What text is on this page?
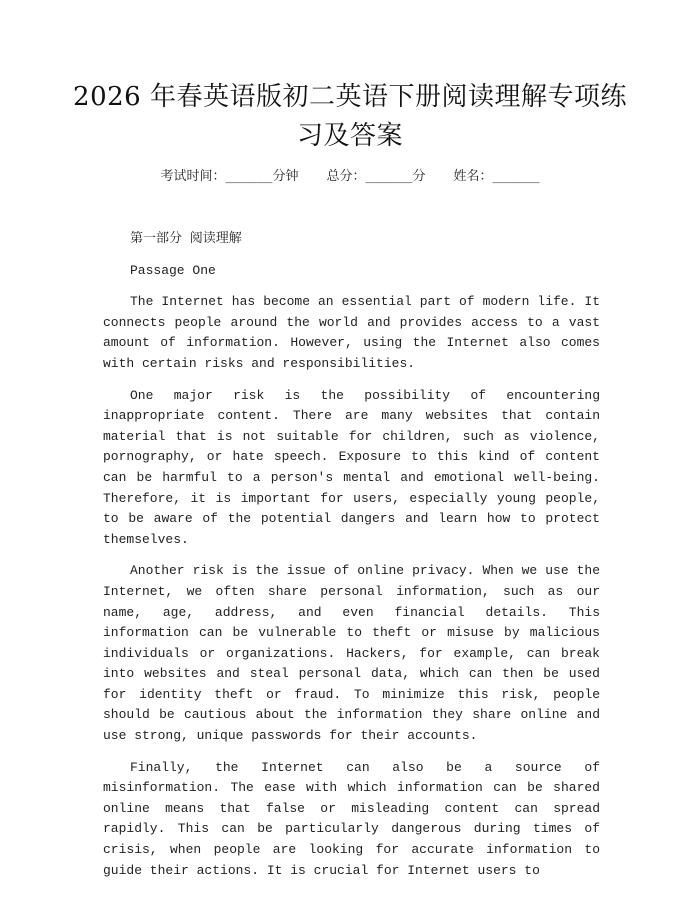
2026 年春英语版初二英语下册阅读理解专项练习及答案
考试时间：______分钟 总分：______分 姓名：______

第一部分 阅读理解

Passage One

The Internet has become an essential part of modern life. It connects people around the world and provides access to a vast amount of information. However, using the Internet also comes with certain risks and responsibilities.

One major risk is the possibility of encountering inappropriate content. There are many websites that contain material that is not suitable for children, such as violence, pornography, or hate speech. Exposure to this kind of content can be harmful to a person's mental and emotional well-being. Therefore, it is important for users, especially young people, to be aware of the potential dangers and learn how to protect themselves.

Another risk is the issue of online privacy. When we use the Internet, we often share personal information, such as our name, age, address, and even financial details. This information can be vulnerable to theft or misuse by malicious individuals or organizations. Hackers, for example, can break into websites and steal personal data, which can then be used for identity theft or fraud. To minimize this risk, people should be cautious about the information they share online and use strong, unique passwords for their accounts.

Finally, the Internet can also be a source of misinformation. The ease with which information can be shared online means that false or misleading content can spread rapidly. This can be particularly dangerous during times of crisis, when people are looking for accurate information to guide their actions. It is crucial for Internet users to
